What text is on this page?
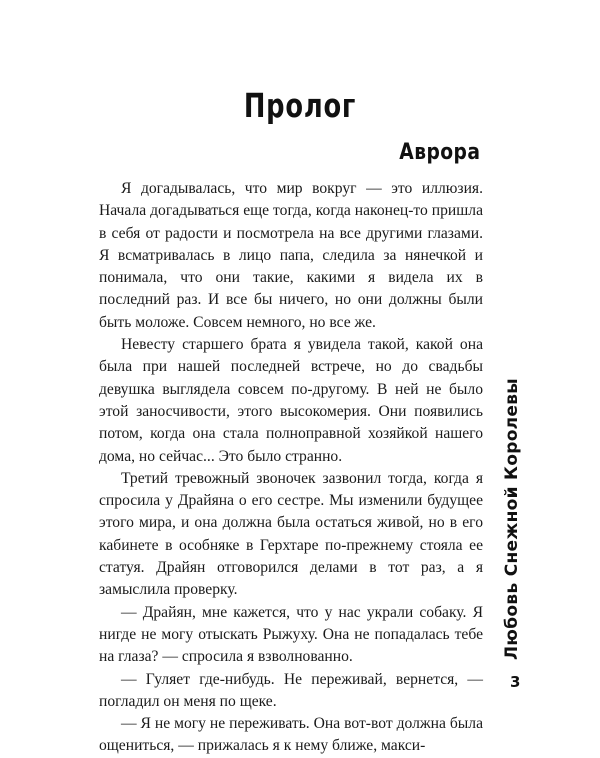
Пролог
Аврора

Я догадывалась, что мир вокруг — это иллюзия. Начала догадываться еще тогда, когда наконец-то пришла в себя от радости и посмотрела на все другими глазами. Я всматривалась в лицо папа, следила за нянечкой и понимала, что они такие, какими я видела их в последний раз. И все бы ничего, но они должны были быть моложе. Совсем немного, но все же.

Невесту старшего брата я увидела такой, какой она была при нашей последней встрече, но до свадьбы девушка выглядела совсем по-другому. В ней не было этой заносчивости, этого высокомерия. Они появились потом, когда она стала полноправной хозяйкой нашего дома, но сейчас... Это было странно.

Третий тревожный звоночек зазвонил тогда, когда я спросила у Драйяна о его сестре. Мы изменили будущее этого мира, и она должна была остаться живой, но в его кабинете в особняке в Герхтаре по-прежнему стояла ее статуя. Драйян отговорился делами в тот раз, а я замыслила проверку.

— Драйян, мне кажется, что у нас украли собаку. Я нигде не могу отыскать Рыжуху. Она не попадалась тебе на глаза? — спросила я взволнованно.

— Гуляет где-нибудь. Не переживай, вернется, — погладил он меня по щеке.

— Я не могу не переживать. Она вот-вот должна была ощениться, — прижалась я к нему ближе, макси-

Любовь Снежной Королевы
3
